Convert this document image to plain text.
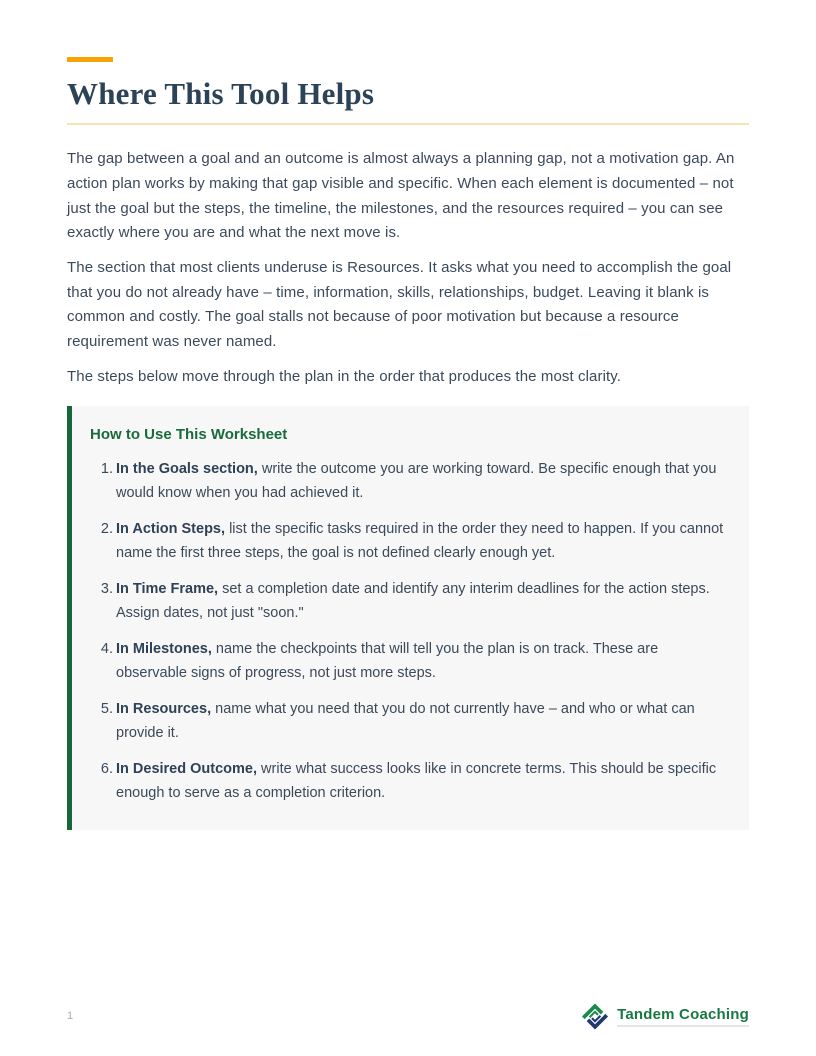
Where This Tool Helps

The gap between a goal and an outcome is almost always a planning gap, not a motivation gap. An action plan works by making that gap visible and specific. When each element is documented – not just the goal but the steps, the timeline, the milestones, and the resources required – you can see exactly where you are and what the next move is.

The section that most clients underuse is Resources. It asks what you need to accomplish the goal that you do not already have – time, information, skills, relationships, budget. Leaving it blank is common and costly. The goal stalls not because of poor motivation but because a resource requirement was never named.

The steps below move through the plan in the order that produces the most clarity.

How to Use This Worksheet
1. In the Goals section, write the outcome you are working toward. Be specific enough that you would know when you had achieved it.
2. In Action Steps, list the specific tasks required in the order they need to happen. If you cannot name the first three steps, the goal is not defined clearly enough yet.
3. In Time Frame, set a completion date and identify any interim deadlines for the action steps. Assign dates, not just "soon."
4. In Milestones, name the checkpoints that will tell you the plan is on track. These are observable signs of progress, not just more steps.
5. In Resources, name what you need that you do not currently have – and who or what can provide it.
6. In Desired Outcome, write what success looks like in concrete terms. This should be specific enough to serve as a completion criterion.
1	Tandem Coaching
